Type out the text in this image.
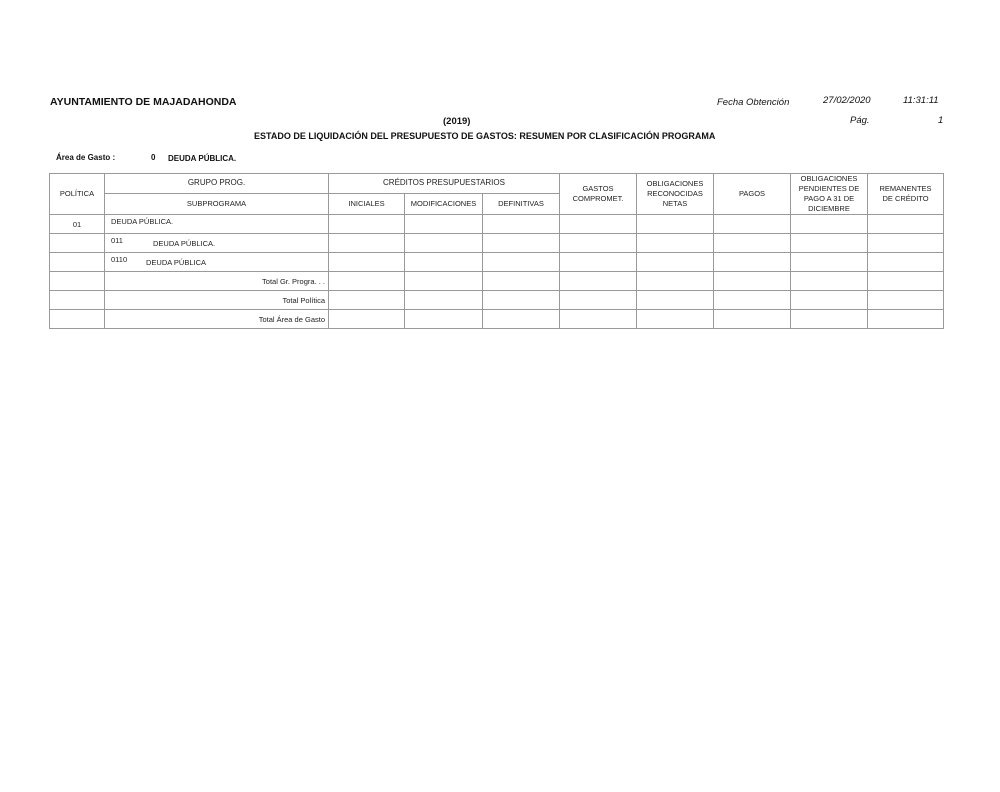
AYUNTAMIENTO DE MAJADAHONDA	Fecha Obtención	27/02/2020	11:31:11
(2019)	Pág.	1
ESTADO DE LIQUIDACIÓN DEL PRESUPUESTO DE GASTOS: RESUMEN POR CLASIFICACIÓN PROGRAMA
Área de Gasto :	0 DEUDA PÚBLICA.
POLÍTICA	GRUPO PROG.	CRÉDITOS PRESUPUESTARIOS			GASTOS COMPROMET.	OBLIGACIONES RECONOCIDAS NETAS	PAGOS	OBLIGACIONES PENDIENTES DE PAGO A 31 DE DICIEMBRE	REMANENTES DE CRÉDITO
	SUBPROGRAMA	INICIALES	MODIFICACIONES	DEFINITIVAS					
01	DEUDA PÚBLICA.								
	011 DEUDA PÚBLICA.								
	0110 DEUDA PÚBLICA								
	Total Gr. Progra. . .								
	Total Política								
	Total Área de Gasto								
